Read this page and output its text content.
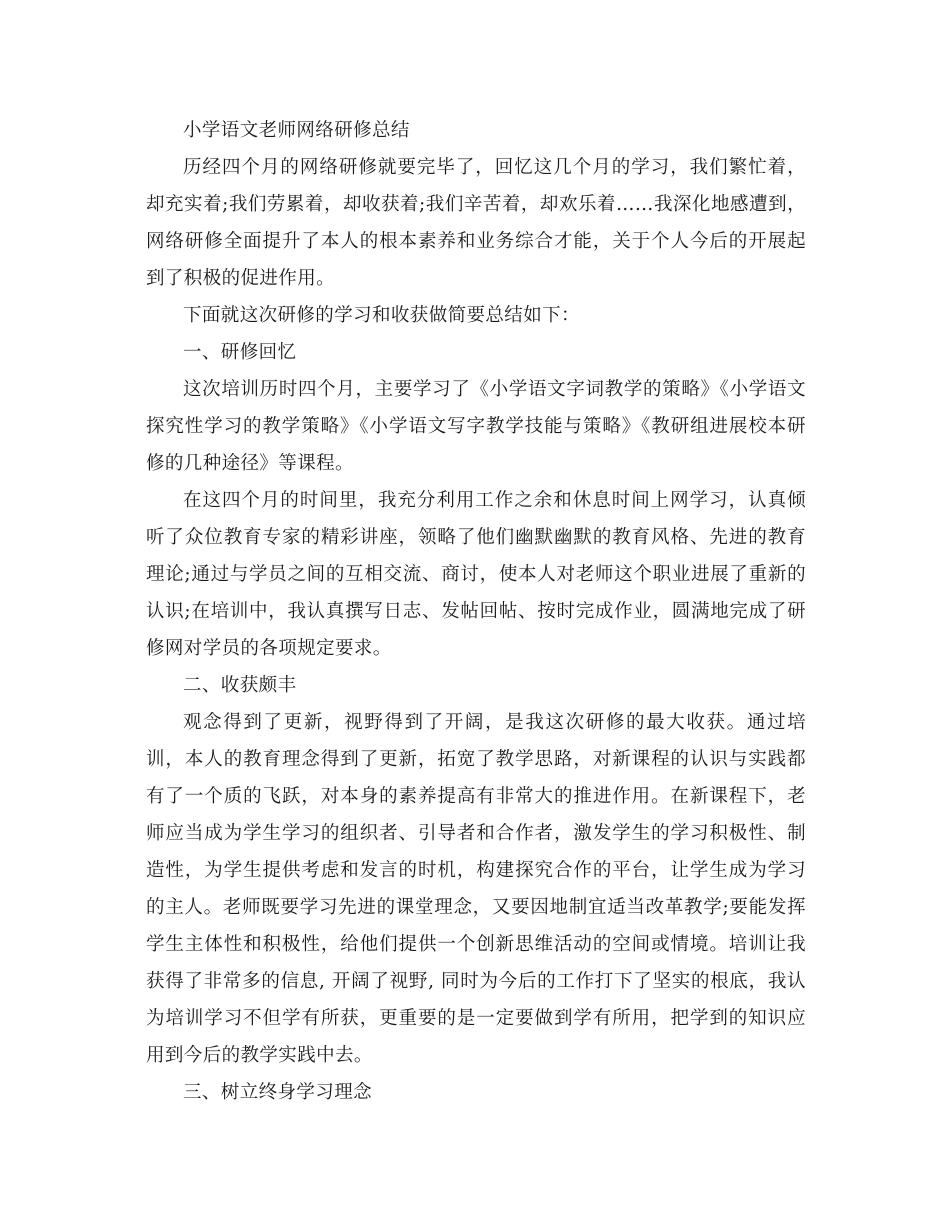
小学语文老师网络研修总结

历经四个月的网络研修就要完毕了，回忆这几个月的学习，我们繁忙着，却充实着;我们劳累着，却收获着;我们辛苦着，却欢乐着……我深化地感遭到，网络研修全面提升了本人的根本素养和业务综合才能，关于个人今后的开展起到了积极的促进作用。

下面就这次研修的学习和收获做简要总结如下：

一、研修回忆

这次培训历时四个月，主要学习了《小学语文字词教学的策略》《小学语文探究性学习的教学策略》《小学语文写字教学技能与策略》《教研组进展校本研修的几种途径》等课程。

在这四个月的时间里，我充分利用工作之余和休息时间上网学习，认真倾听了众位教育专家的精彩讲座，领略了他们幽默幽默的教育风格、先进的教育理论;通过与学员之间的互相交流、商讨，使本人对老师这个职业进展了重新的认识;在培训中，我认真撰写日志、发帖回帖、按时完成作业，圆满地完成了研修网对学员的各项规定要求。

二、收获颇丰

观念得到了更新，视野得到了开阔，是我这次研修的最大收获。通过培训，本人的教育理念得到了更新，拓宽了教学思路，对新课程的认识与实践都有了一个质的飞跃，对本身的素养提高有非常大的推进作用。在新课程下，老师应当成为学生学习的组织者、引导者和合作者，激发学生的学习积极性、制造性，为学生提供考虑和发言的时机，构建探究合作的平台，让学生成为学习的主人。老师既要学习先进的课堂理念，又要因地制宜适当改革教学;要能发挥学生主体性和积极性，给他们提供一个创新思维活动的空间或情境。培训让我获得了非常多的信息, 开阔了视野, 同时为今后的工作打下了坚实的根底，我认为培训学习不但学有所获，更重要的是一定要做到学有所用，把学到的知识应用到今后的教学实践中去。

三、树立终身学习理念
